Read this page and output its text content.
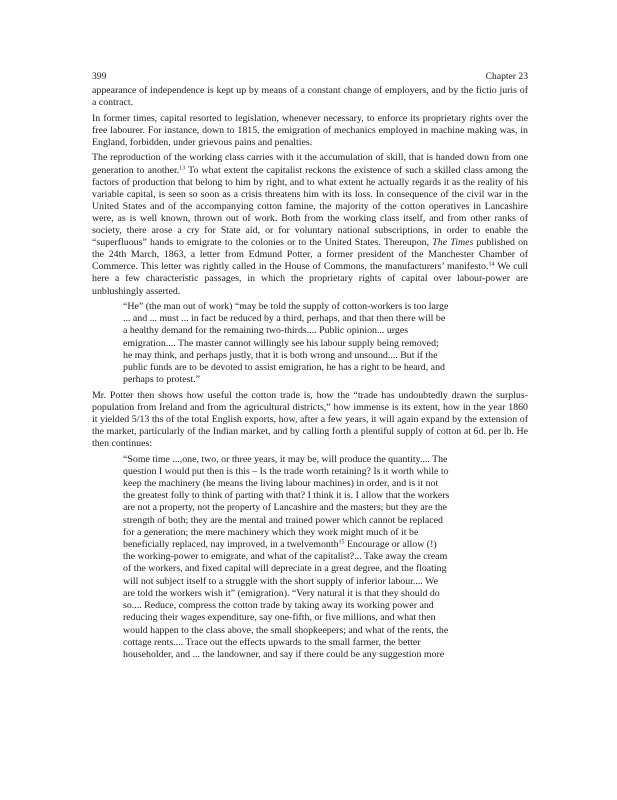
399	Chapter 23

appearance of independence is kept up by means of a constant change of employers, and by the fictio juris of a contract.

In former times, capital resorted to legislation, whenever necessary, to enforce its proprietary rights over the free labourer. For instance, down to 1815, the emigration of mechanics employed in machine making was, in England, forbidden, under grievous pains and penalties.

The reproduction of the working class carries with it the accumulation of skill, that is handed down from one generation to another.$^{13}$ To what extent the capitalist reckons the existence of such a skilled class among the factors of production that belong to him by right, and to what extent he actually regards it as the reality of his variable capital, is seen so soon as a crisis threatens him with its loss. In consequence of the civil war in the United States and of the accompanying cotton famine, the majority of the cotton operatives in Lancashire were, as is well known, thrown out of work. Both from the working class itself, and from other ranks of society, there arose a cry for State aid, or for voluntary national subscriptions, in order to enable the “superfluous” hands to emigrate to the colonies or to the United States. Thereupon, The Times published on the 24th March, 1863, a letter from Edmund Potter, a former president of the Manchester Chamber of Commerce. This letter was rightly called in the House of Commons, the manufacturers’ manifesto.$^{14}$ We cull here a few characteristic passages, in which the proprietary rights of capital over labour-power are unblushingly asserted.

“He” (the man out of work) “may be told the supply of cotton-workers is too large
... and ... must ... in fact be reduced by a third, perhaps, and that then there will be
a healthy demand for the remaining two-thirds.... Public opinion... urges
emigration.... The master cannot willingly see his labour supply being removed;
he may think, and perhaps justly, that it is both wrong and unsound.... But if the
public funds are to be devoted to assist emigration, he has a right to be heard, and
perhaps to protest.”

Mr. Potter then shows how useful the cotton trade is, how the “trade has undoubtedly drawn the surplus-population from Ireland and from the agricultural districts,” how immense is its extent, how in the year 1860 it yielded 5/13 ths of the total English exports, how, after a few years, it will again expand by the extension of the market, particularly of the Indian market, and by calling forth a plentiful supply of cotton at 6d. per lb. He then continues:

“Some time ...,one, two, or three years, it may be, will produce the quantity.... The
question I would put then is this – Is the trade worth retaining? Is it worth while to
keep the machinery (he means the living labour machines) in order, and is it not
the greatest folly to think of parting with that? I think it is. I allow that the workers
are not a property, not the property of Lancashire and the masters; but they are the
strength of both; they are the mental and trained power which cannot be replaced
for a generation; the mere machinery which they work might much of it be
beneficially replaced, nay improved, in a twelvemonth$^{15}$ Encourage or allow (!)
the working-power to emigrate, and what of the capitalist?... Take away the cream
of the workers, and fixed capital will depreciate in a great degree, and the floating
will not subject itself to a struggle with the short supply of inferior labour.... We
are told the workers wish it” (emigration). “Very natural it is that they should do
so.... Reduce, compress the cotton trade by taking away its working power and
reducing their wages expenditure, say one-fifth, or five millions, and what then
would happen to the class above, the small shopkeepers; and what of the rents, the
cottage rents.... Trace out the effects upwards to the small farmer, the better
householder, and ... the landowner, and say if there could be any suggestion more
